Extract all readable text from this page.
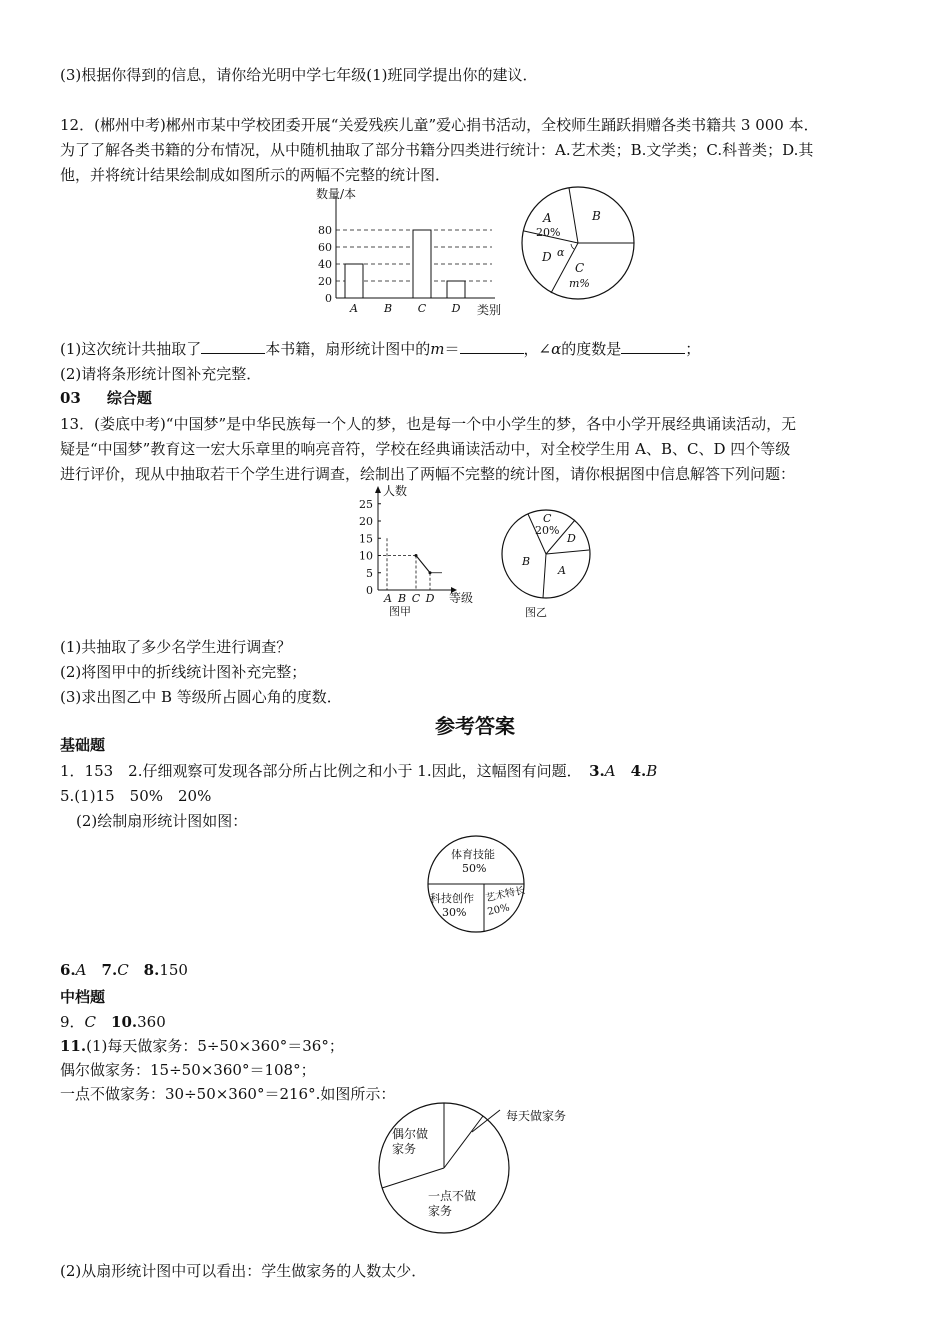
(3)根据你得到的信息，请你给光明中学七年级(1)班同学提出你的建议．
12．(郴州中考)郴州市某中学校团委开展“关爱残疾儿童”爱心捐书活动，全校师生踊跃捐赠各类书籍共 3 000 本．
为了了解各类书籍的分布情况，从中随机抽取了部分书籍分四类进行统计：A.艺术类；B.文学类；C.科普类；D.其
他，并将统计结果绘制成如图所示的两幅不完整的统计图．
数量/本
0
20
40
60
80
A B C D 类别
A
20%
B
C
m%
D α
(1)这次统计共抽取了	本书籍，扇形统计图中的m＝	，∠α的度数是	；
(2)请将条形统计图补充完整．
03 综合题
13．(娄底中考)“中国梦”是中华民族每一个人的梦，也是每一个中小学生的梦，各中小学开展经典诵读活动，无
疑是“中国梦”教育这一宏大乐章里的响亮音符，学校在经典诵读活动中，对全校学生用 A、B、C、D 四个等级
进行评价，现从中抽取若干个学生进行调查，绘制出了两幅不完整的统计图，请你根据图中信息解答下列问题：
人数
等级
0
5
10
15
20
25
A B C D
图甲
C
20%
D
A
B
图乙
(1)共抽取了多少名学生进行调查？
(2)将图甲中的折线统计图补充完整；
(3)求出图乙中 B 等级所占圆心角的度数．
参考答案
基础题
1．153　2.仔细观察可发现各部分所占比例之和小于 1.因此，这幅图有问题．　3.A　4.B
5.(1)15　50%　20%
(2)绘制扇形统计图如图：
体育技能
50%
科技创作
30%
艺术特长
20%
6.A　7.C　8.150
中档题
9．C　10.360
11.(1)每天做家务：5÷50×360°＝36°；
偶尔做家务：15÷50×360°＝108°；
一点不做家务：30÷50×360°＝216°.如图所示：
每天做家务
偶尔做
家务
一点不做
家务
(2)从扇形统计图中可以看出：学生做家务的人数太少．
